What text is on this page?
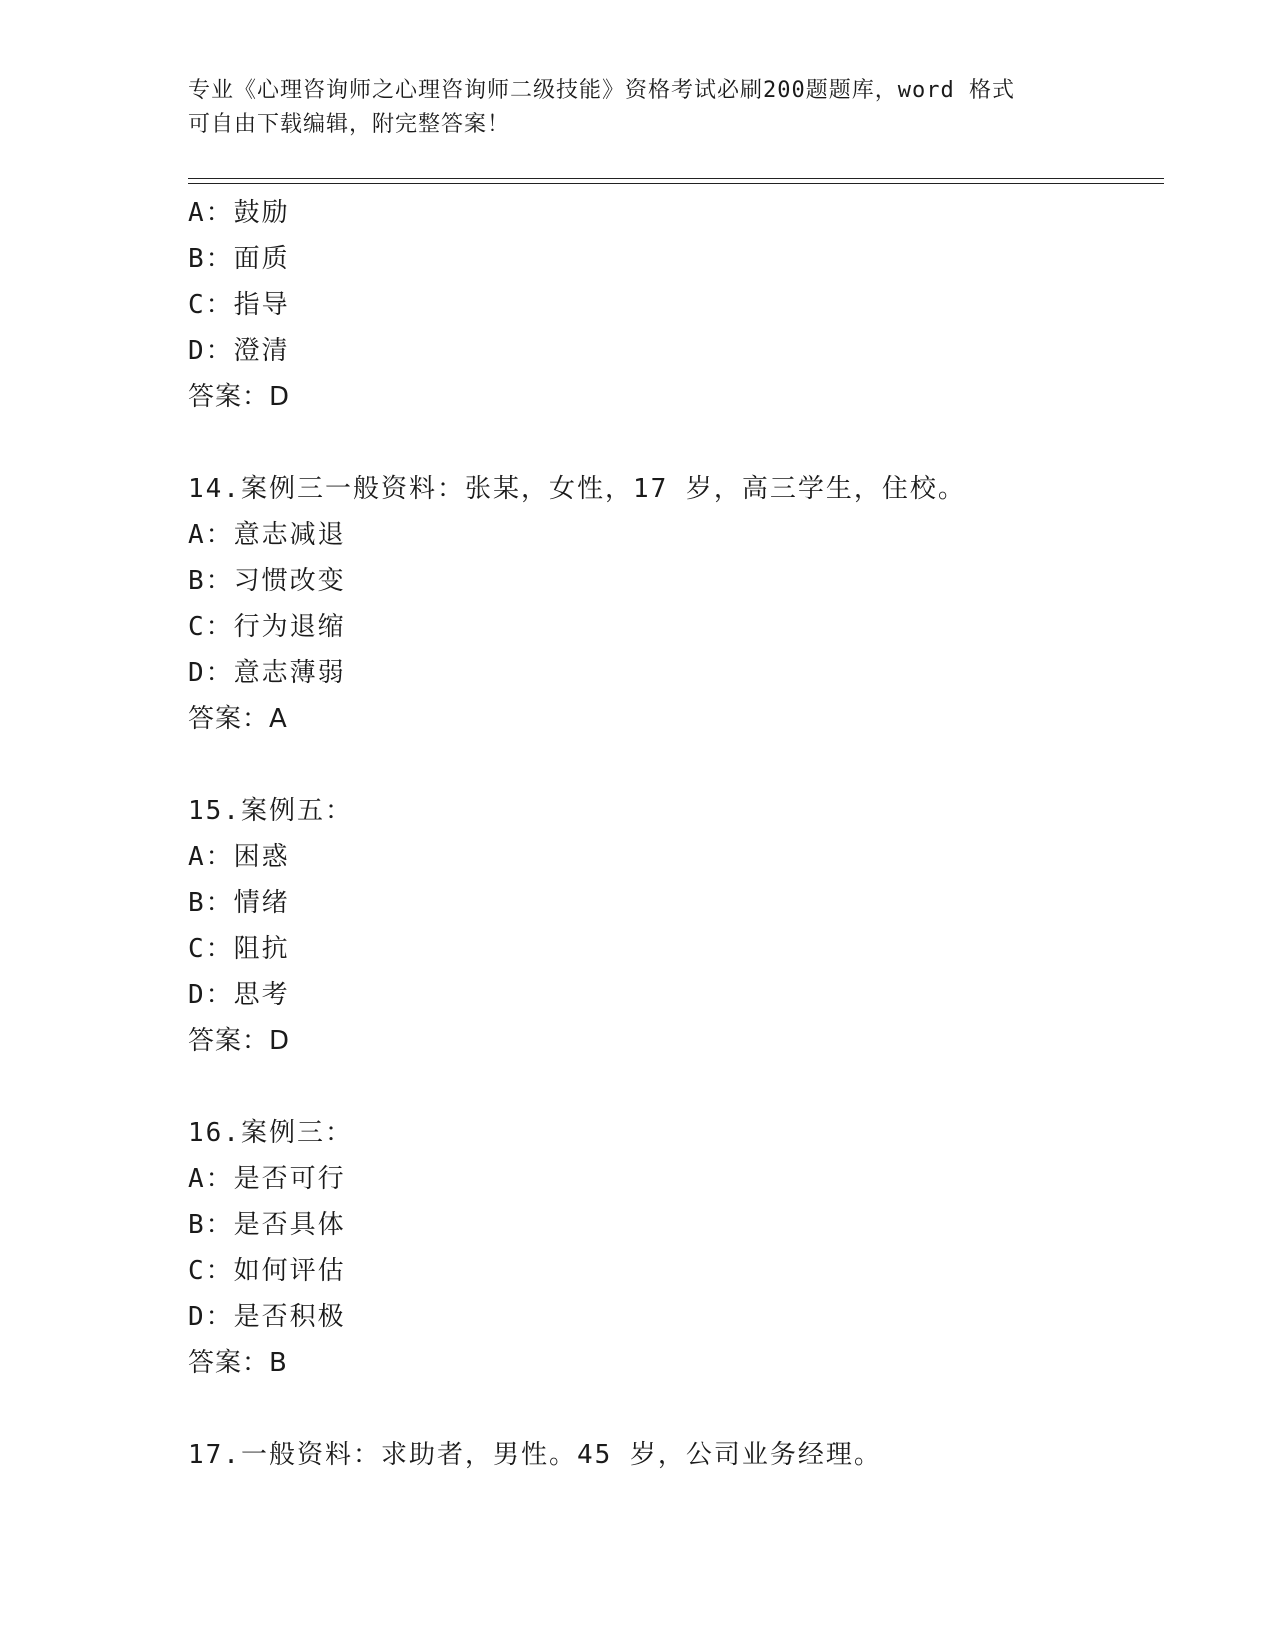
专业《心理咨询师之心理咨询师二级技能》资格考试必刷200题题库，word 格式
可自由下载编辑，附完整答案！
A：鼓励
B：面质
C：指导
D：澄清
答案：D
14.案例三一般资料：张某，女性，17 岁，高三学生，住校。
A：意志减退
B：习惯改变
C：行为退缩
D：意志薄弱
答案：A
15.案例五：
A：困惑
B：情绪
C：阻抗
D：思考
答案：D
16.案例三：
A：是否可行
B：是否具体
C：如何评估
D：是否积极
答案：B
17.一般资料：求助者，男性。45 岁，公司业务经理。
